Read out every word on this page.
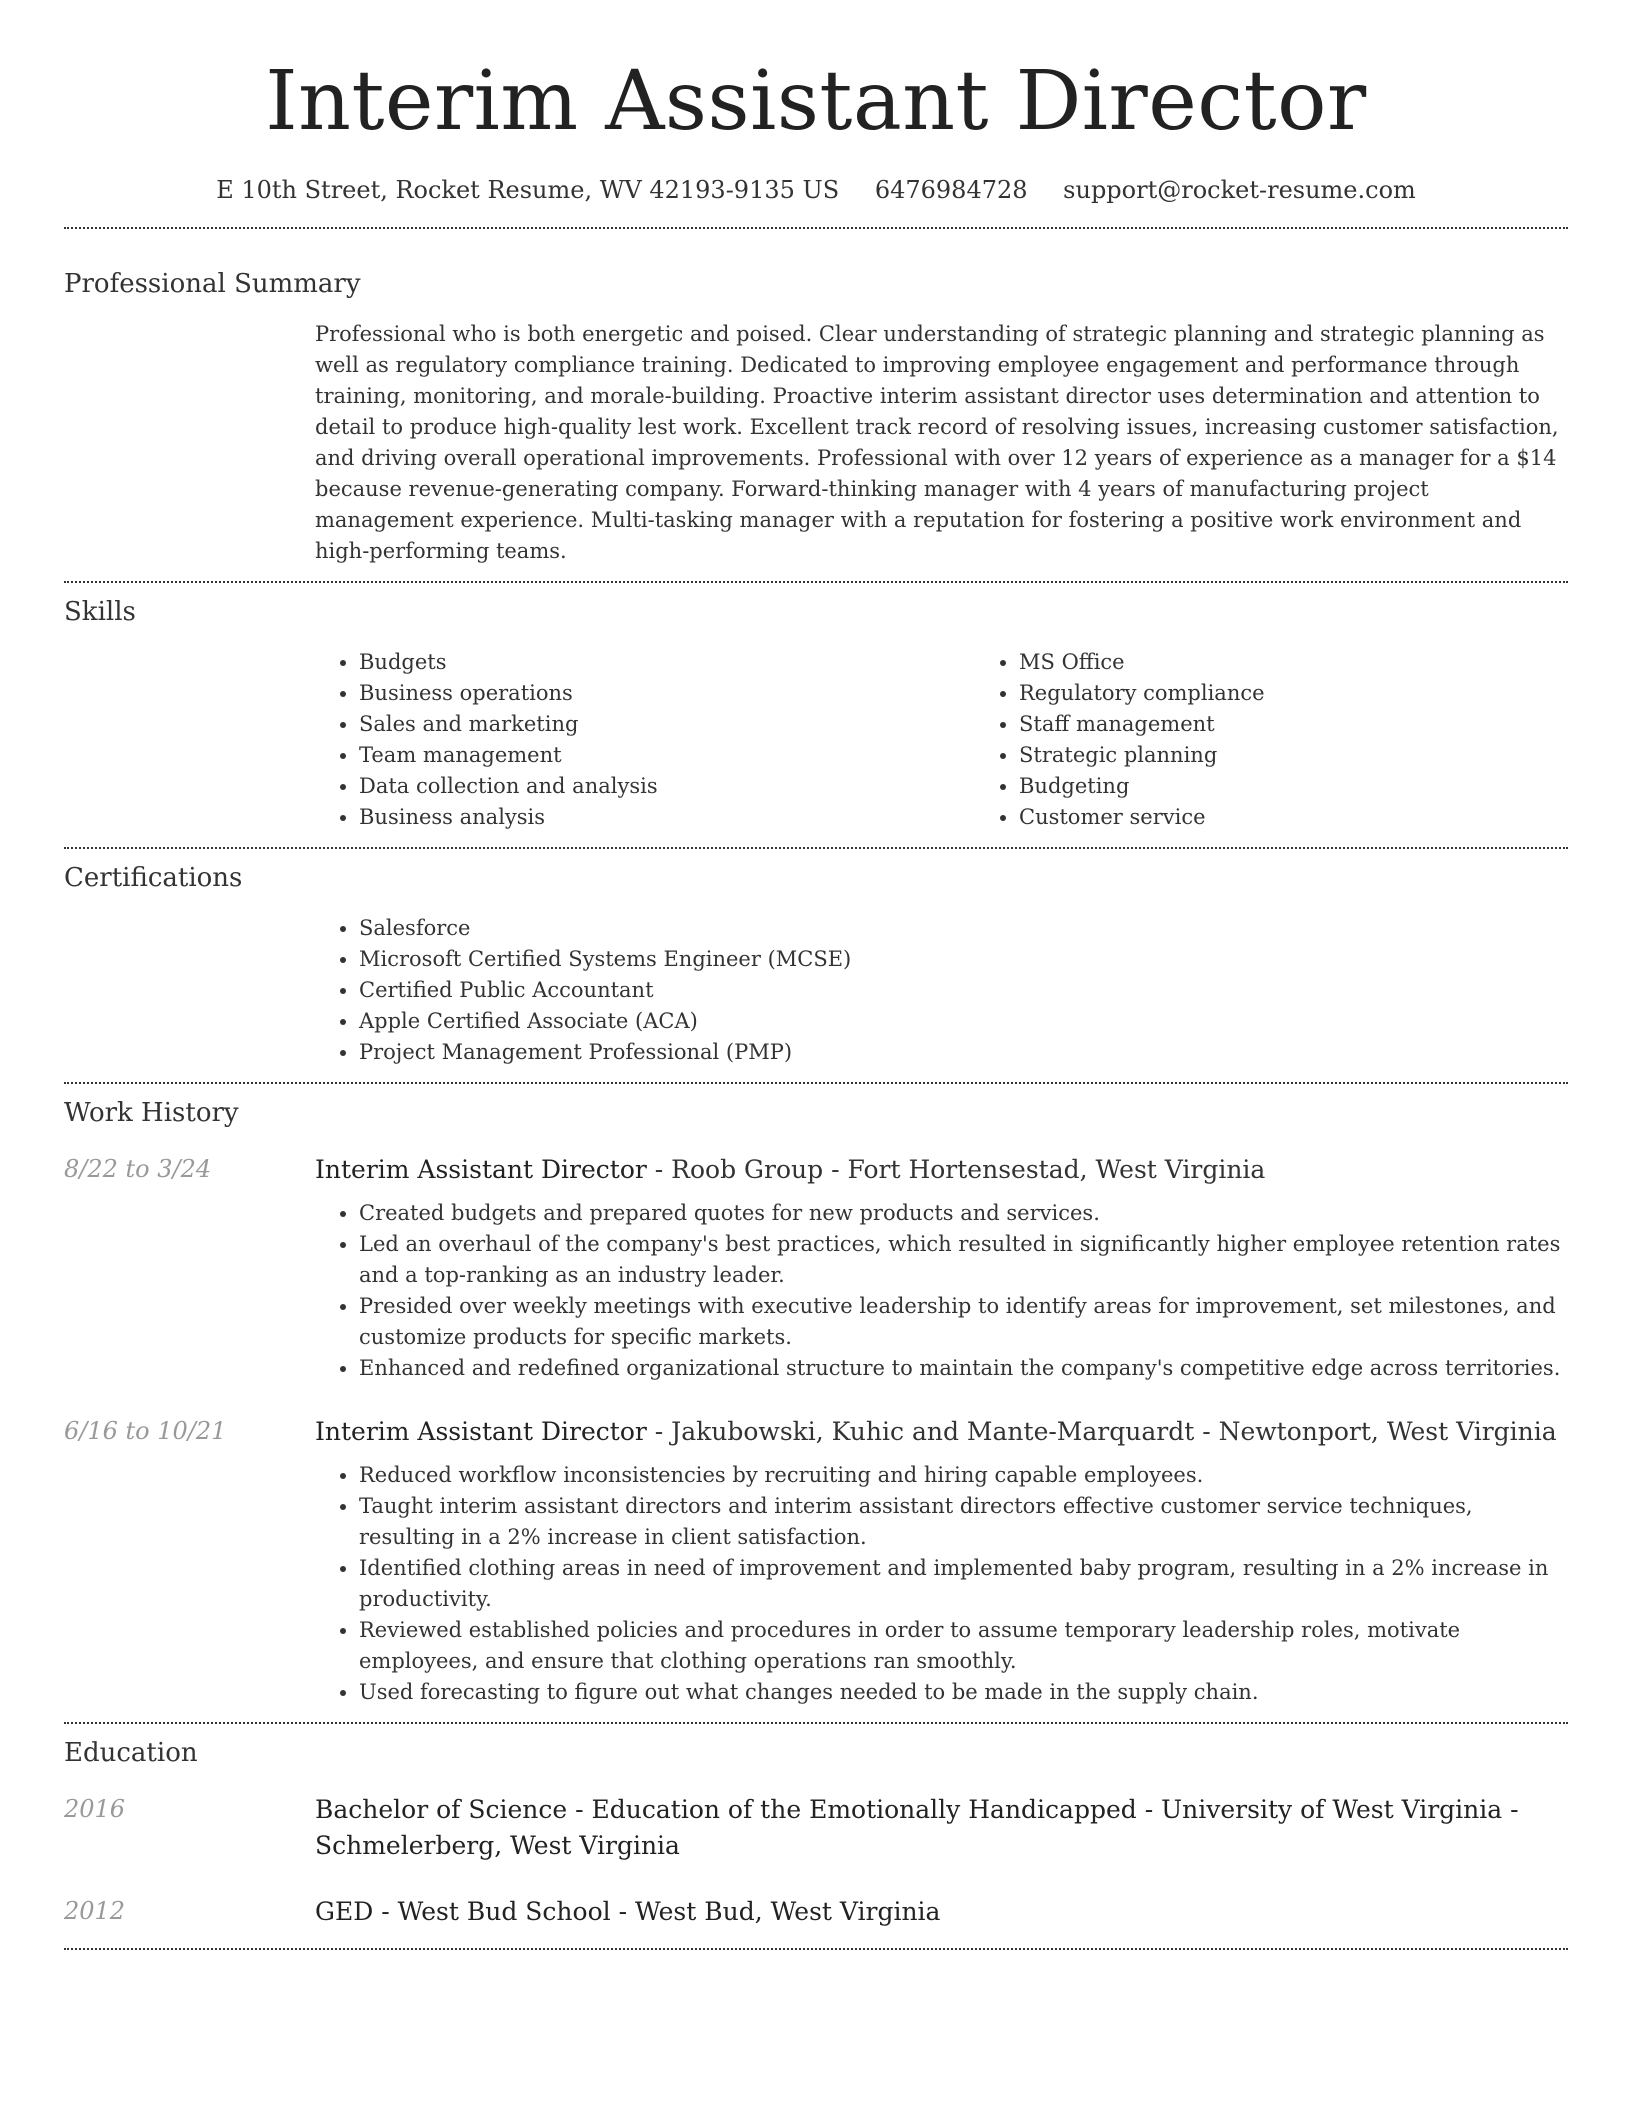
Interim Assistant Director
E 10th Street, Rocket Resume, WV 42193-9135 US 6476984728 support@rocket-resume.com
Professional Summary

Professional who is both energetic and poised. Clear understanding of strategic planning and strategic planning as well as regulatory compliance training. Dedicated to improving employee engagement and performance through training, monitoring, and morale-building. Proactive interim assistant director uses determination and attention to detail to produce high-quality lest work. Excellent track record of resolving issues, increasing customer satisfaction, and driving overall operational improvements. Professional with over 12 years of experience as a manager for a $14 because revenue-generating company. Forward-thinking manager with 4 years of manufacturing project management experience. Multi-tasking manager with a reputation for fostering a positive work environment and high-performing teams.

Skills
• Budgets
• Business operations
• Sales and marketing
• Team management
• Data collection and analysis
• Business analysis
• MS Office
• Regulatory compliance
• Staff management
• Strategic planning
• Budgeting
• Customer service
Certifications
• Salesforce
• Microsoft Certified Systems Engineer (MCSE)
• Certified Public Accountant
• Apple Certified Associate (ACA)
• Project Management Professional (PMP)
Work History
8/22 to 3/24	Interim Assistant Director - Roob Group - Fort Hortensestad, West Virginia
• Created budgets and prepared quotes for new products and services.
• Led an overhaul of the company's best practices, which resulted in significantly higher employee retention rates and a top-ranking as an industry leader.
• Presided over weekly meetings with executive leadership to identify areas for improvement, set milestones, and customize products for specific markets.
• Enhanced and redefined organizational structure to maintain the company's competitive edge across territories.
6/16 to 10/21	Interim Assistant Director - Jakubowski, Kuhic and Mante-Marquardt - Newtonport, West Virginia
• Reduced workflow inconsistencies by recruiting and hiring capable employees.
• Taught interim assistant directors and interim assistant directors effective customer service techniques, resulting in a 2% increase in client satisfaction.
• Identified clothing areas in need of improvement and implemented baby program, resulting in a 2% increase in productivity.
• Reviewed established policies and procedures in order to assume temporary leadership roles, motivate employees, and ensure that clothing operations ran smoothly.
• Used forecasting to figure out what changes needed to be made in the supply chain.
Education
2016	Bachelor of Science - Education of the Emotionally Handicapped - University of West Virginia - Schmelerberg, West Virginia
2012	GED - West Bud School - West Bud, West Virginia
